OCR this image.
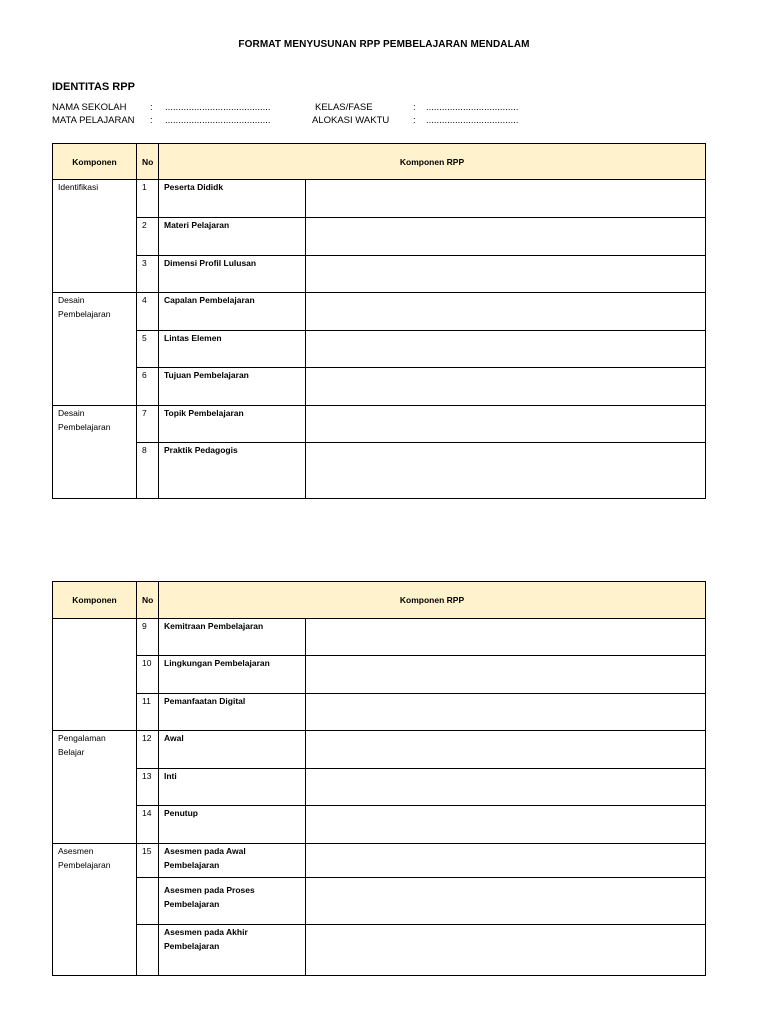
FORMAT MENYUSUNAN RPP PEMBELAJARAN MENDALAM
IDENTITAS RPP
NAMA SEKOLAH : ........................................	KELAS/FASE	: ...................................
MATA PELAJARAN : ........................................	ALOKASI WAKTU	: ...................................
Komponen	No	Komponen RPP	
Identifikasi	1	Peserta Dididk	
	2	Materi Pelajaran	
	3	Dimensi Profil Lulusan	
Desain Pembelajaran	4	Capalan Pembelajaran	
	5	Lintas Elemen	
	6	Tujuan Pembelajaran	
Desain Pembelajaran	7	Topik Pembelajaran	
	8	Praktik Pedagogis	
Komponen	No	Komponen RPP	
	9	Kemitraan Pembelajaran	
	10	Lingkungan Pembelajaran	
	11	Pemanfaatan Digital	
Pengalaman Belajar	12	Awal	
	13	Inti	
	14	Penutup	
Asesmen Pembelajaran	15	Asesmen pada Awal Pembelajaran	
		Asesmen pada Proses Pembelajaran	
		Asesmen pada Akhir Pembelajaran	
